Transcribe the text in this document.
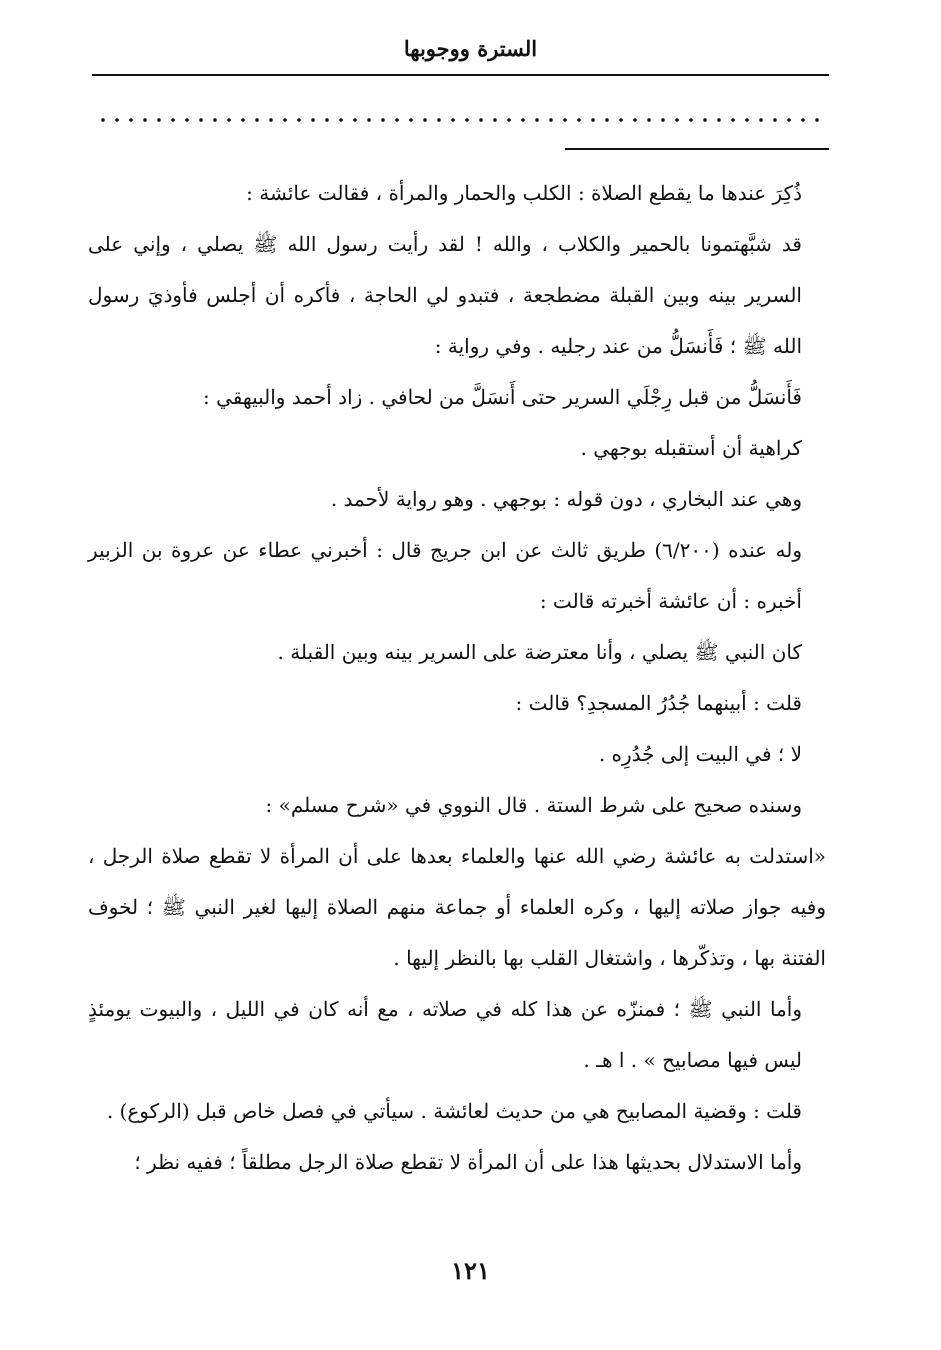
السترة ووجوبها

ذُكِرَ عندها ما يقطع الصلاة : الكلب والحمار والمرأة ، فقالت عائشة :

قد شبَّهتمونا بالحمير والكلاب ، والله ! لقد رأيت رسول الله ﷺ يصلي ، وإني على السرير بينه وبين القبلة مضطجعة ، فتبدو لي الحاجة ، فأكره أن أجلس فأوذيَ رسول الله ﷺ ؛ فَأَنسَلُّ من عند رجليه . وفي رواية :

فَأَنسَلُّ من قبل رِجْلَي السرير حتى أَنسَلَّ من لحافي . زاد أحمد والبيهقي :

كراهية أن أستقبله بوجهي .

وهي عند البخاري ، دون قوله : بوجهي . وهو رواية لأحمد .

وله عنده (٦/٢٠٠) طريق ثالث عن ابن جريج قال : أخبرني عطاء عن عروة بن الزبير أخبره : أن عائشة أخبرته قالت :

كان النبي ﷺ يصلي ، وأنا معترضة على السرير بينه وبين القبلة .

قلت : أبينهما جُدُرُ المسجدِ؟ قالت :

لا ؛ في البيت إلى جُدُرِه .

وسنده صحيح على شرط الستة . قال النووي في «شرح مسلم» :

«استدلت به عائشة رضي الله عنها والعلماء بعدها على أن المرأة لا تقطع صلاة الرجل ، وفيه جواز صلاته إليها ، وكره العلماء أو جماعة منهم الصلاة إليها لغير النبي ﷺ ؛ لخوف الفتنة بها ، وتذكّرها ، واشتغال القلب بها بالنظر إليها .

وأما النبي ﷺ ؛ فمنزّه عن هذا كله في صلاته ، مع أنه كان في الليل ، والبيوت يومئذٍ ليس فيها مصابيح » . ا هـ .

قلت : وقضية المصابيح هي من حديث لعائشة . سيأتي في فصل خاص قبل (الركوع) .

وأما الاستدلال بحديثها هذا على أن المرأة لا تقطع صلاة الرجل مطلقاً ؛ ففيه نظر ؛

١٢١
